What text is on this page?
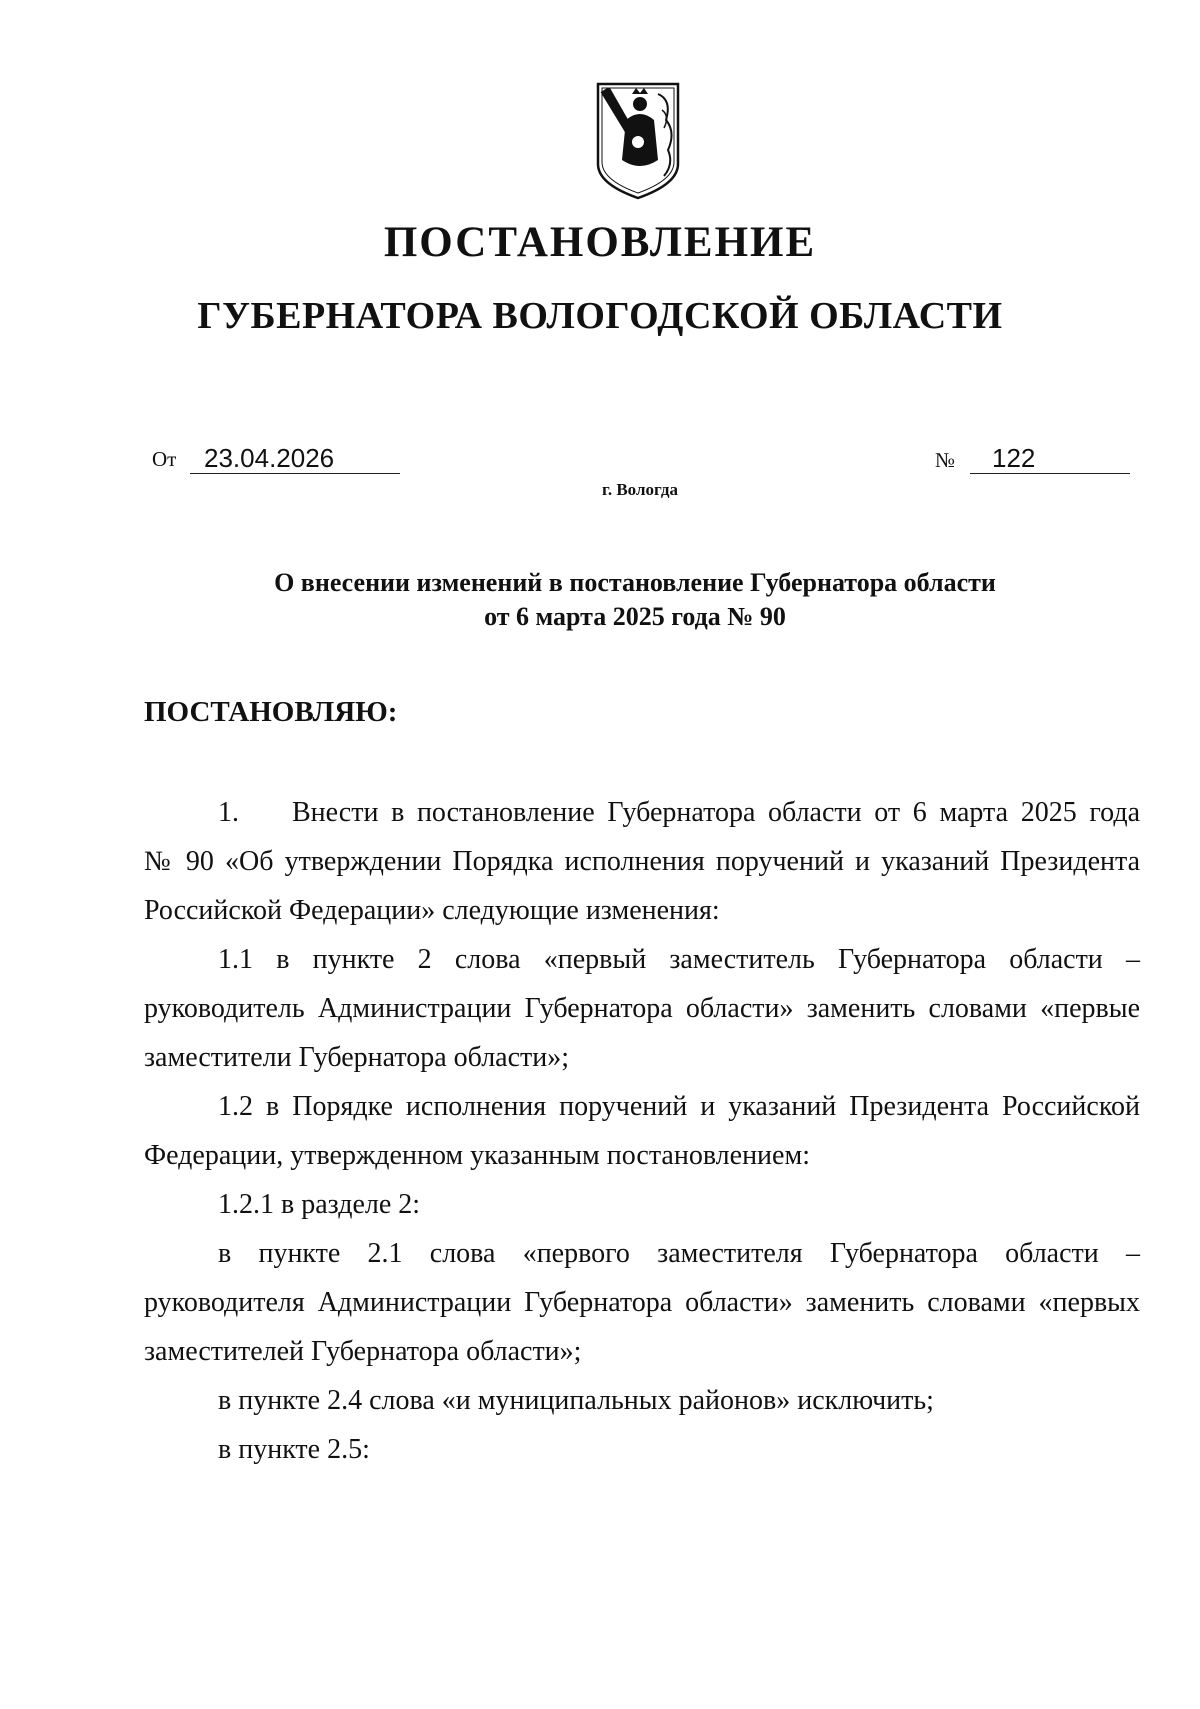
ПОСТАНОВЛЕНИЕ
ГУБЕРНАТОРА ВОЛОГОДСКОЙ ОБЛАСТИ
От	23.04.2026	№	122
г. Вологда
О внесении изменений в постановление Губернатора области
от 6 марта 2025 года № 90
ПОСТАНОВЛЯЮ:

1. Внести в постановление Губернатора области от 6 марта 2025 года

№ 90 «Об утверждении Порядка исполнения поручений и указаний Президента

Российской Федерации» следующие изменения:

1.1 в пункте 2 слова «первый заместитель Губернатора области –

руководитель Администрации Губернатора области» заменить словами «первые

заместители Губернатора области»;

1.2 в Порядке исполнения поручений и указаний Президента Российской

Федерации, утвержденном указанным постановлением:

1.2.1 в разделе 2:

в пункте 2.1 слова «первого заместителя Губернатора области –

руководителя Администрации Губернатора области» заменить словами «первых

заместителей Губернатора области»;

в пункте 2.4 слова «и муниципальных районов» исключить;

в пункте 2.5:
